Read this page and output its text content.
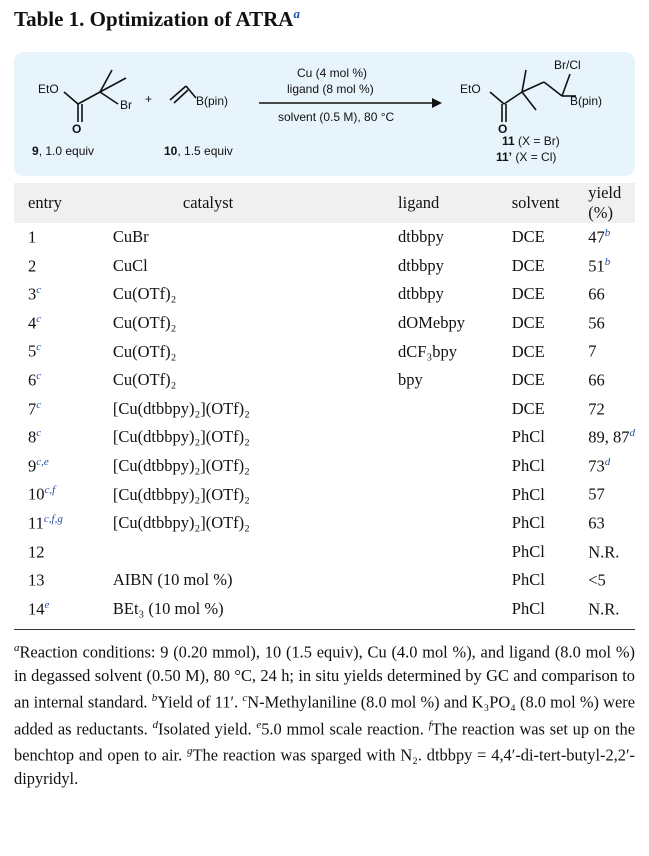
Table 1. Optimization of ATRA$^a$
EtO
O
Br +	B(pin)
Cu (4 mol %)
ligand (8 mol %)
solvent (0.5 M), 80 °C
EtO
O
Br/Cl
B(pin)
9, 1.0 equiv	10, 1.5 equiv
11 (X = Br)
11’ (X = Cl)
entry	catalyst	ligand	solvent	yield (%)
1	CuBr	dtbbpy	DCE	47$^b$
2	CuCl	dtbbpy	DCE	51$^b$
3$^c$	Cu(OTf)₂	dtbbpy	DCE	66
4$^c$	Cu(OTf)₂	dOMebpy	DCE	56
5$^c$	Cu(OTf)₂	dCF₃bpy	DCE	7
6$^c$	Cu(OTf)₂	bpy	DCE	66
7$^c$	[Cu(dtbbpy)₂](OTf)₂		DCE	72
8$^c$	[Cu(dtbbpy)₂](OTf)₂		PhCl	89, 87$^d$
9$^{c,e}$	[Cu(dtbbpy)₂](OTf)₂		PhCl	73$^d$
10$^{c,f}$	[Cu(dtbbpy)₂](OTf)₂		PhCl	57
11$^{c,f,g}$	[Cu(dtbbpy)₂](OTf)₂		PhCl	63
12			PhCl	N.R.
13	AIBN (10 mol %)		PhCl	<5
14e	BEt₃ (10 mol %)		PhCl	N.R.
$^a$Reaction conditions: 9 (0.20 mmol), 10 (1.5 equiv), Cu (4.0 mol %), and ligand (8.0 mol %) in degassed solvent (0.50 M), 80 °C, 24 h; in situ yields determined by GC and comparison to an internal standard. $^b$Yield of 11′. $^c$N-Methylaniline (8.0 mol %) and K₃PO₄ (8.0 mol %) were added as reductants. $^d$Isolated yield. $^e$5.0 mmol scale reaction. $^f$The reaction was set up on the benchtop and open to air. $^g$The reaction was sparged with N₂. dtbbpy = 4,4′-di-tert-butyl-2,2′-dipyridyl.
